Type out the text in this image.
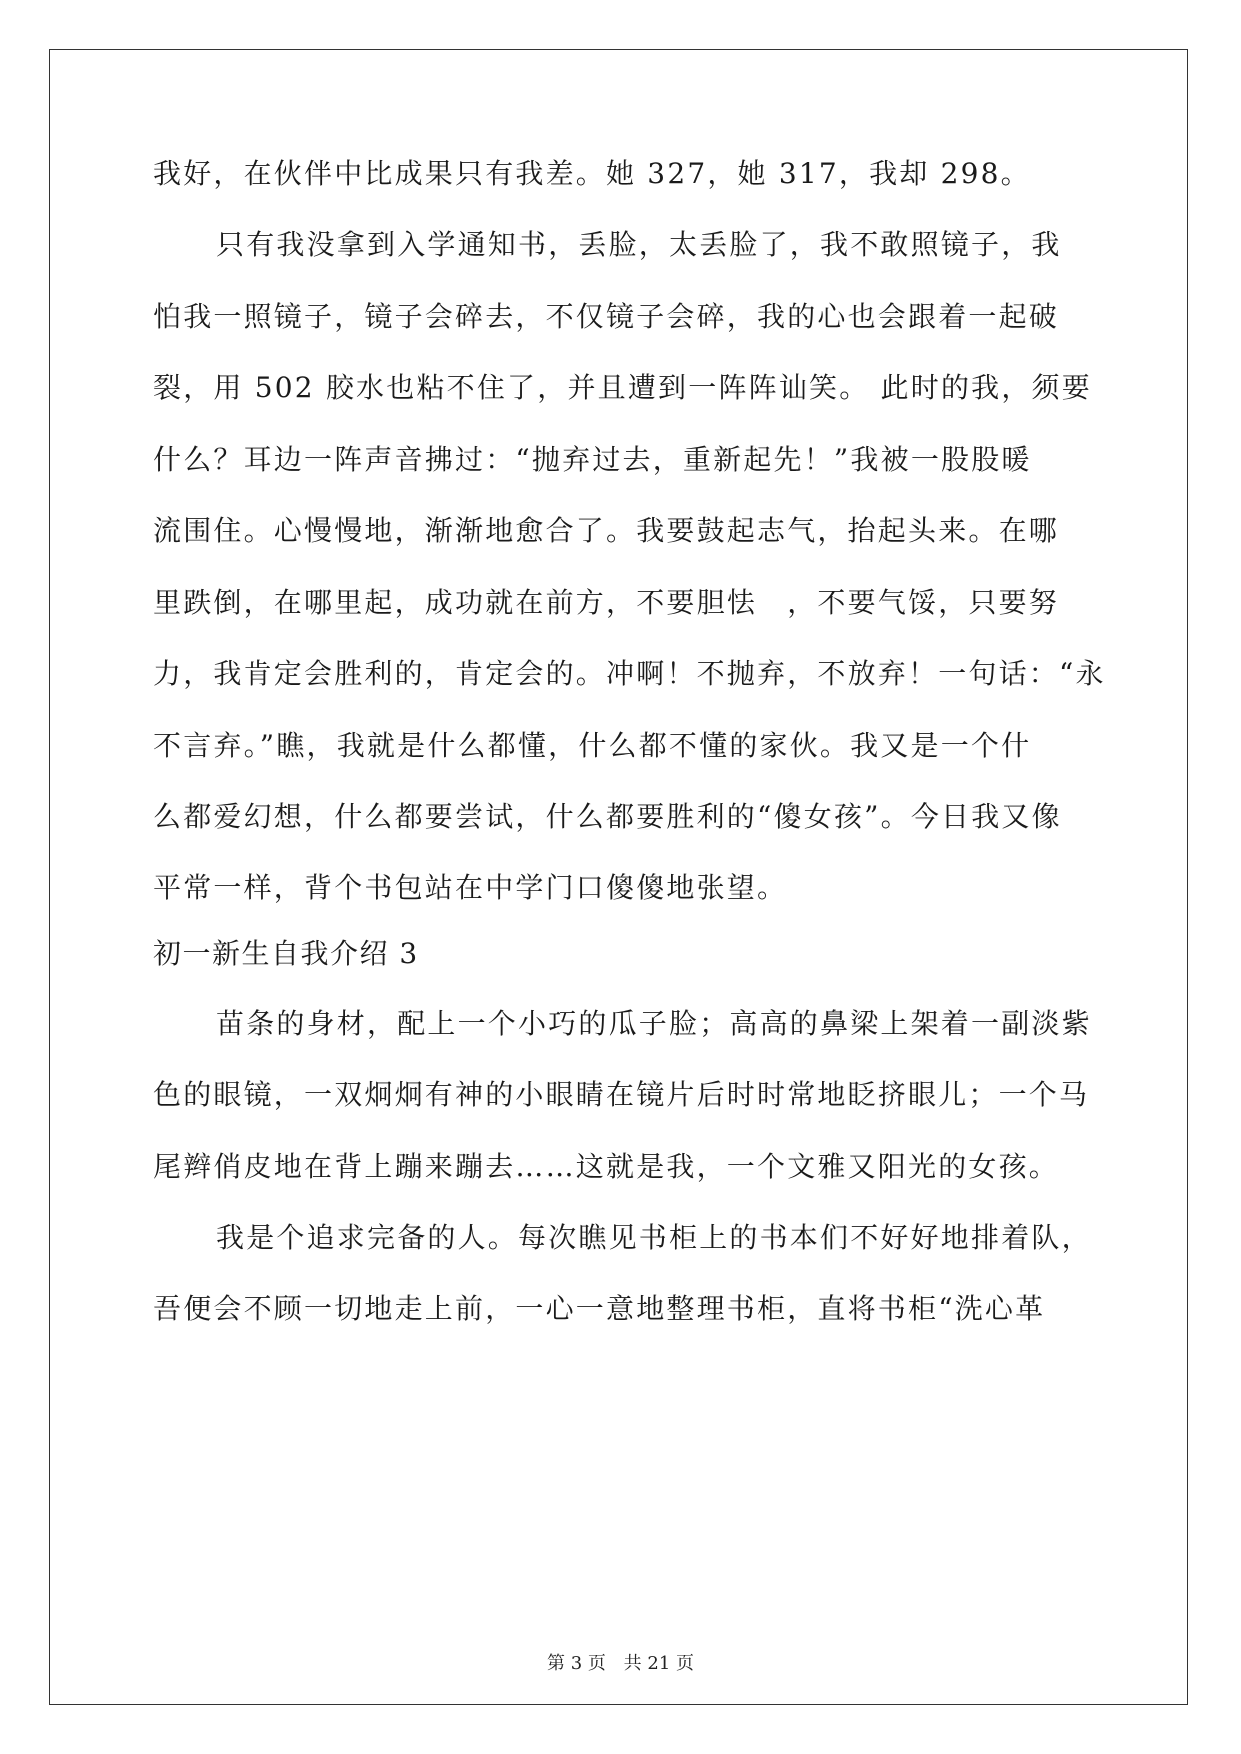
我好，在伙伴中比成果只有我差。她 327，她 317，我却 298。
只有我没拿到入学通知书，丢脸，太丢脸了，我不敢照镜子，我
怕我一照镜子，镜子会碎去，不仅镜子会碎，我的心也会跟着一起破
裂，用 502 胶水也粘不住了，并且遭到一阵阵讪笑。 此时的我，须要
什么？耳边一阵声音拂过：“抛弃过去，重新起先！”我被一股股暖
流围住。心慢慢地，渐渐地愈合了。我要鼓起志气，抬起头来。在哪
里跌倒，在哪里起，成功就在前方，不要胆怯　，不要气馁，只要努
力，我肯定会胜利的，肯定会的。冲啊！不抛弃，不放弃！一句话：“永
不言弃。”瞧，我就是什么都懂，什么都不懂的家伙。我又是一个什
么都爱幻想，什么都要尝试，什么都要胜利的“傻女孩”。今日我又像
平常一样，背个书包站在中学门口傻傻地张望。
初一新生自我介绍 3
苗条的身材，配上一个小巧的瓜子脸；高高的鼻梁上架着一副淡紫
色的眼镜，一双炯炯有神的小眼睛在镜片后时时常地眨挤眼儿；一个马
尾辫俏皮地在背上蹦来蹦去……这就是我，一个文雅又阳光的女孩。
我是个追求完备的人。每次瞧见书柜上的书本们不好好地排着队，
吾便会不顾一切地走上前，一心一意地整理书柜，直将书柜“洗心革
第 3 页 共 21 页
